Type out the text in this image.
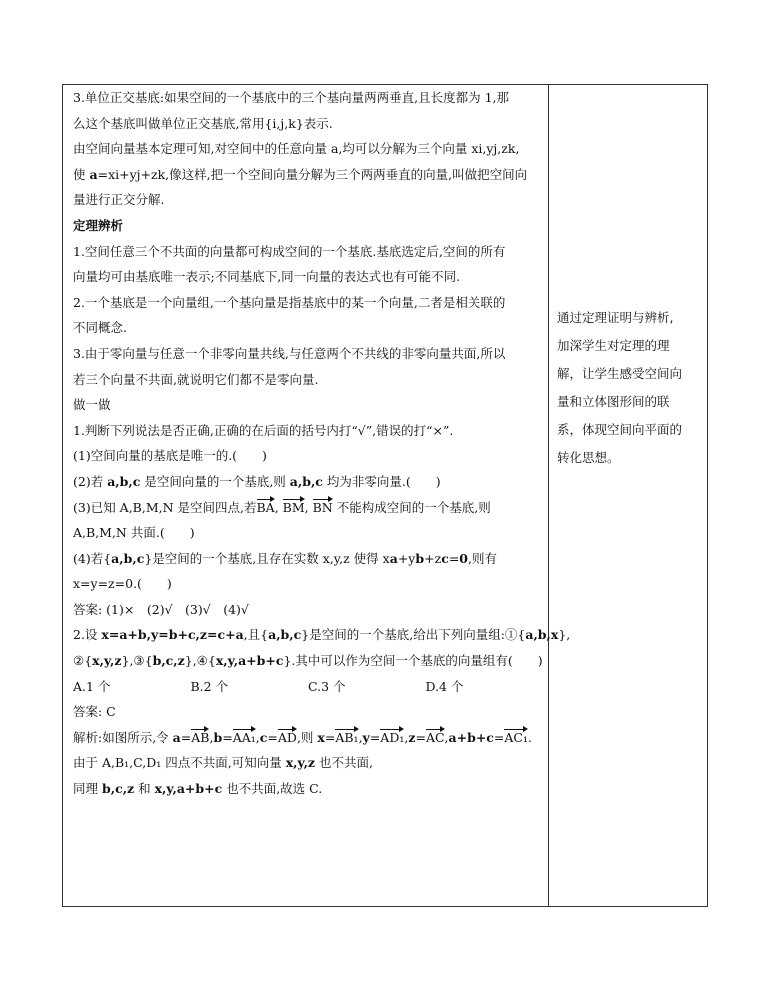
3.单位正交基底:如果空间的一个基底中的三个基向量两两垂直,且长度都为 1,那
么这个基底叫做单位正交基底,常用{i,j,k}表示.
由空间向量基本定理可知,对空间中的任意向量 a,均可以分解为三个向量 xi,yj,zk,
使 a=xi+yj+zk,像这样,把一个空间向量分解为三个两两垂直的向量,叫做把空间向
量进行正交分解.
定理辨析
1.空间任意三个不共面的向量都可构成空间的一个基底.基底选定后,空间的所有
向量均可由基底唯一表示;不同基底下,同一向量的表达式也有可能不同.
2.一个基底是一个向量组,一个基向量是指基底中的某一个向量,二者是相关联的
不同概念.
3.由于零向量与任意一个非零向量共线,与任意两个不共线的非零向量共面,所以
若三个向量不共面,就说明它们都不是零向量.
做一做
1.判断下列说法是否正确,正确的在后面的括号内打“√”,错误的打“×”.
(1)空间向量的基底是唯一的.(　　)
(2)若 a,b,c 是空间向量的一个基底,则 a,b,c 均为非零向量.(　　)
(3)已知 A,B,M,N 是空间四点,若BA, BM, BN 不能构成空间的一个基底,则
A,B,M,N 共面.(　　)
(4)若{a,b,c}是空间的一个基底,且存在实数 x,y,z 使得 xa+yb+zc=0,则有
x=y=z=0.(　　)
答案: (1)×　(2)√　(3)√　(4)√
2.设 x=a+b,y=b+c,z=c+a,且{a,b,c}是空间的一个基底,给出下列向量组:①{a,b,x},
②{x,y,z},③{b,c,z},④{x,y,a+b+c}.其中可以作为空间一个基底的向量组有(　　)
A.1 个	B.2 个	C.3 个	D.4 个
答案: C
解析:如图所示,令 a=AB,b=AA₁,c=AD,则 x=AB₁,y=AD₁,z=AC,a+b+c=AC₁.
由于 A,B₁,C,D₁ 四点不共面,可知向量 x,y,z 也不共面,
同理 b,c,z 和 x,y,a+b+c 也不共面,故选 C.
通过定理证明与辨析,
加深学生对定理的理
解，让学生感受空间向
量和立体图形间的联
系，体现空间向平面的
转化思想。
